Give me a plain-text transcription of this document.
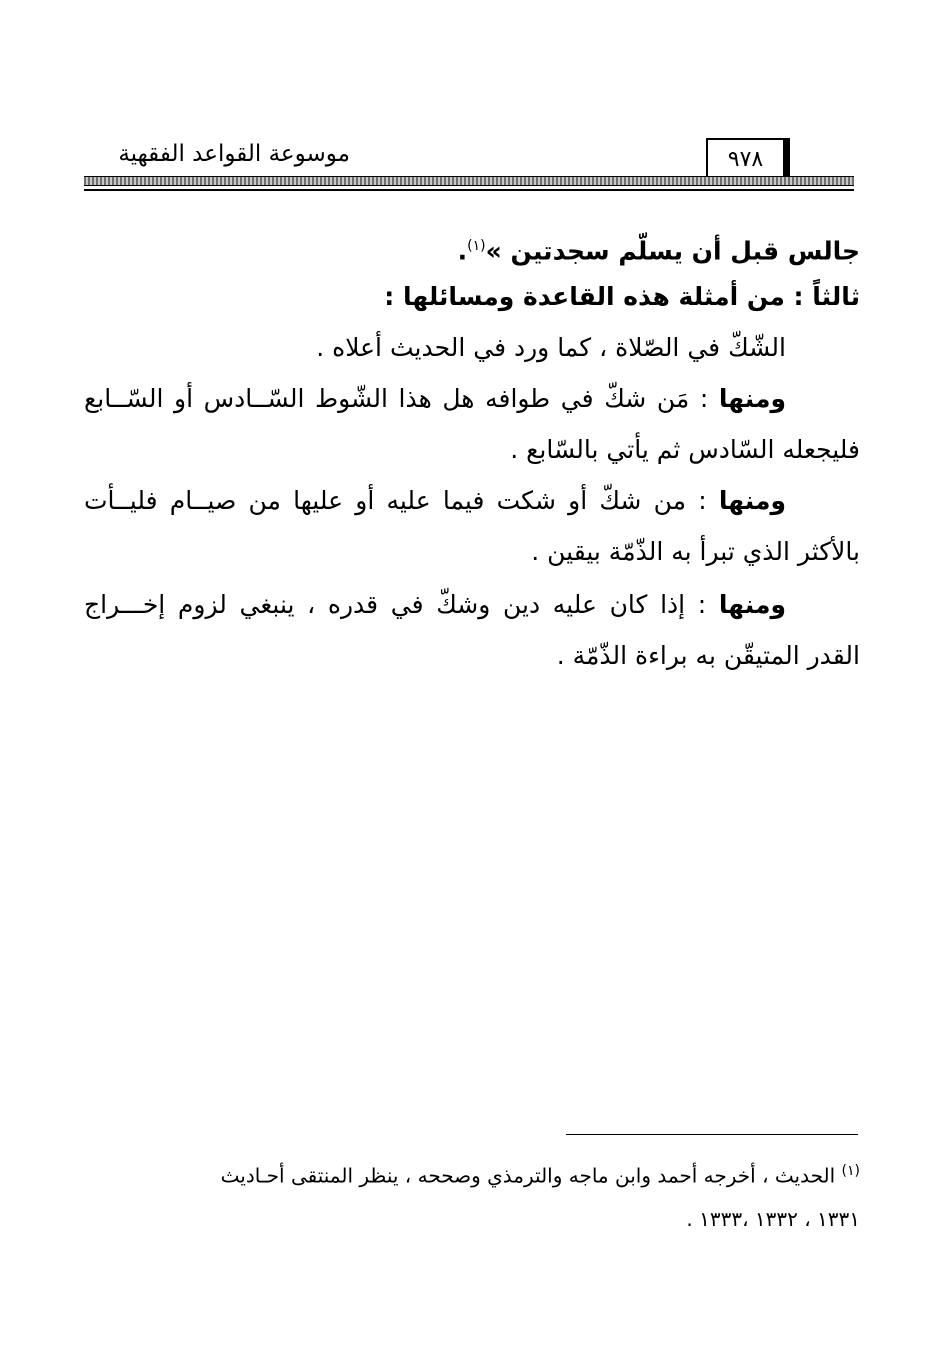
٩٧٨
موسوعة القواعد الفقهية

جالس قبل أن يسلّم سجدتين »$^{(١)}$.

ثالثاً : من أمثلة هذه القاعدة ومسائلها :

الشّكّ في الصّلاة ، كما ورد في الحديث أعلاه .

ومنها : مَن شكّ في طوافه هل هذا الشّوط السّــادس أو السّــابع

فليجعله السّادس ثم يأتي بالسّابع .

ومنها : من شكّ أو شكت فيما عليه أو عليها من صيــام فليــأت

بالأكثر الذي تبرأ به الذّمّة بيقين .

ومنها : إذا كان عليه دين وشكّ في قدره ، ينبغي لزوم إخـــراج

القدر المتيقّن به براءة الذّمّة .

$^{(١)}$ الحديث ، أخرجه أحمد وابن ماجه والترمذي وصححه ، ينظر المنتقى أحـاديث

١٣٣١ ، ١٣٣٢ ،١٣٣٣ .
